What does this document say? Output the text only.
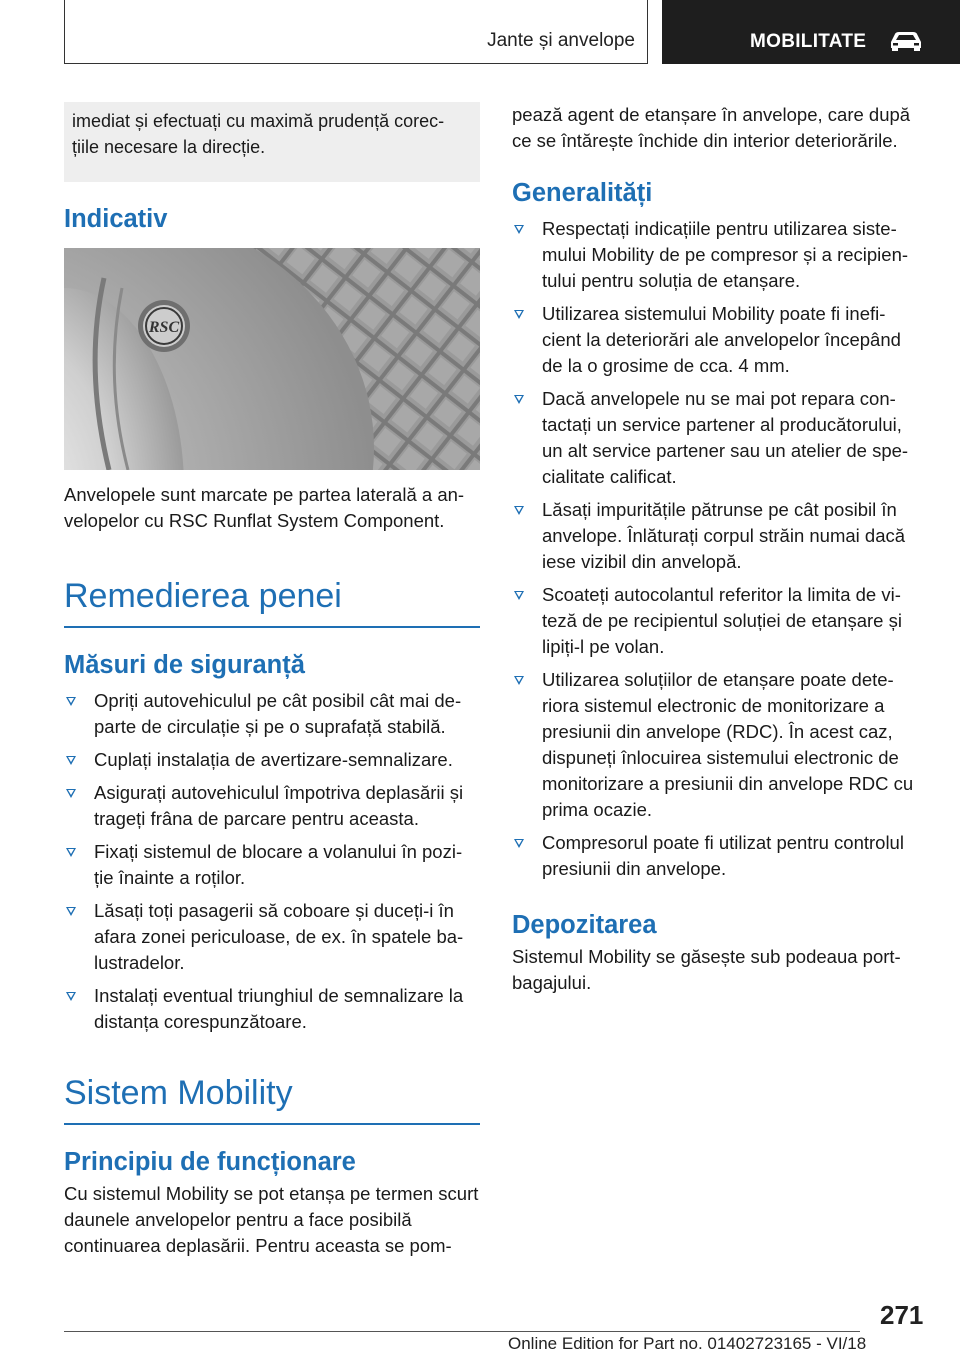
Jante și anvelope	MOBILITATE
imediat și efectuați cu maximă prudență corec- țiile necesare la direcție.
Indicativ
RSC

Anvelopele sunt marcate pe partea laterală a an- velopelor cu RSC Runflat System Component.

Remedierea penei
Măsuri de siguranță
Opriți autovehiculul pe cât posibil cât mai de- parte de circulație și pe o suprafață stabilă.
Cuplați instalația de avertizare-semnalizare.
Asigurați autovehiculul împotriva deplasării și trageți frâna de parcare pentru aceasta.
Fixați sistemul de blocare a volanului în pozi- ție înainte a roților.
Lăsați toți pasagerii să coboare și duceți-i în afara zonei periculoase, de ex. în spatele ba- lustradelor.
Instalați eventual triunghiul de semnalizare la distanța corespunzătoare.
Sistem Mobility
Principiu de funcționare

Cu sistemul Mobility se pot etanșa pe termen scurt daunele anvelopelor pentru a face posibilă continuarea deplasării. Pentru aceasta se pom-

pează agent de etanșare în anvelope, care după ce se întărește închide din interior deteriorările.

Generalități
Respectați indicațiile pentru utilizarea siste- mului Mobility de pe compresor și a recipien- tului pentru soluția de etanșare.
Utilizarea sistemului Mobility poate fi inefi- cient la deteriorări ale anvelopelor începând de la o grosime de cca. 4 mm.
Dacă anvelopele nu se mai pot repara con- tactați un service partener al producătorului, un alt service partener sau un atelier de spe- cialitate calificat.
Lăsați impuritățile pătrunse pe cât posibil în anvelope. Înlăturați corpul străin numai dacă iese vizibil din anvelopă.
Scoateți autocolantul referitor la limita de vi- teză de pe recipientul soluției de etanșare și lipiți-l pe volan.
Utilizarea soluțiilor de etanșare poate dete- riora sistemul electronic de monitorizare a presiunii din anvelope (RDC). În acest caz, dispuneți înlocuirea sistemului electronic de monitorizare a presiunii din anvelope RDC cu prima ocazie.
Compresorul poate fi utilizat pentru controlul presiunii din anvelope.
Depozitarea

Sistemul Mobility se găsește sub podeaua port- bagajului.

271
Online Edition for Part no. 01402723165 - VI/18
